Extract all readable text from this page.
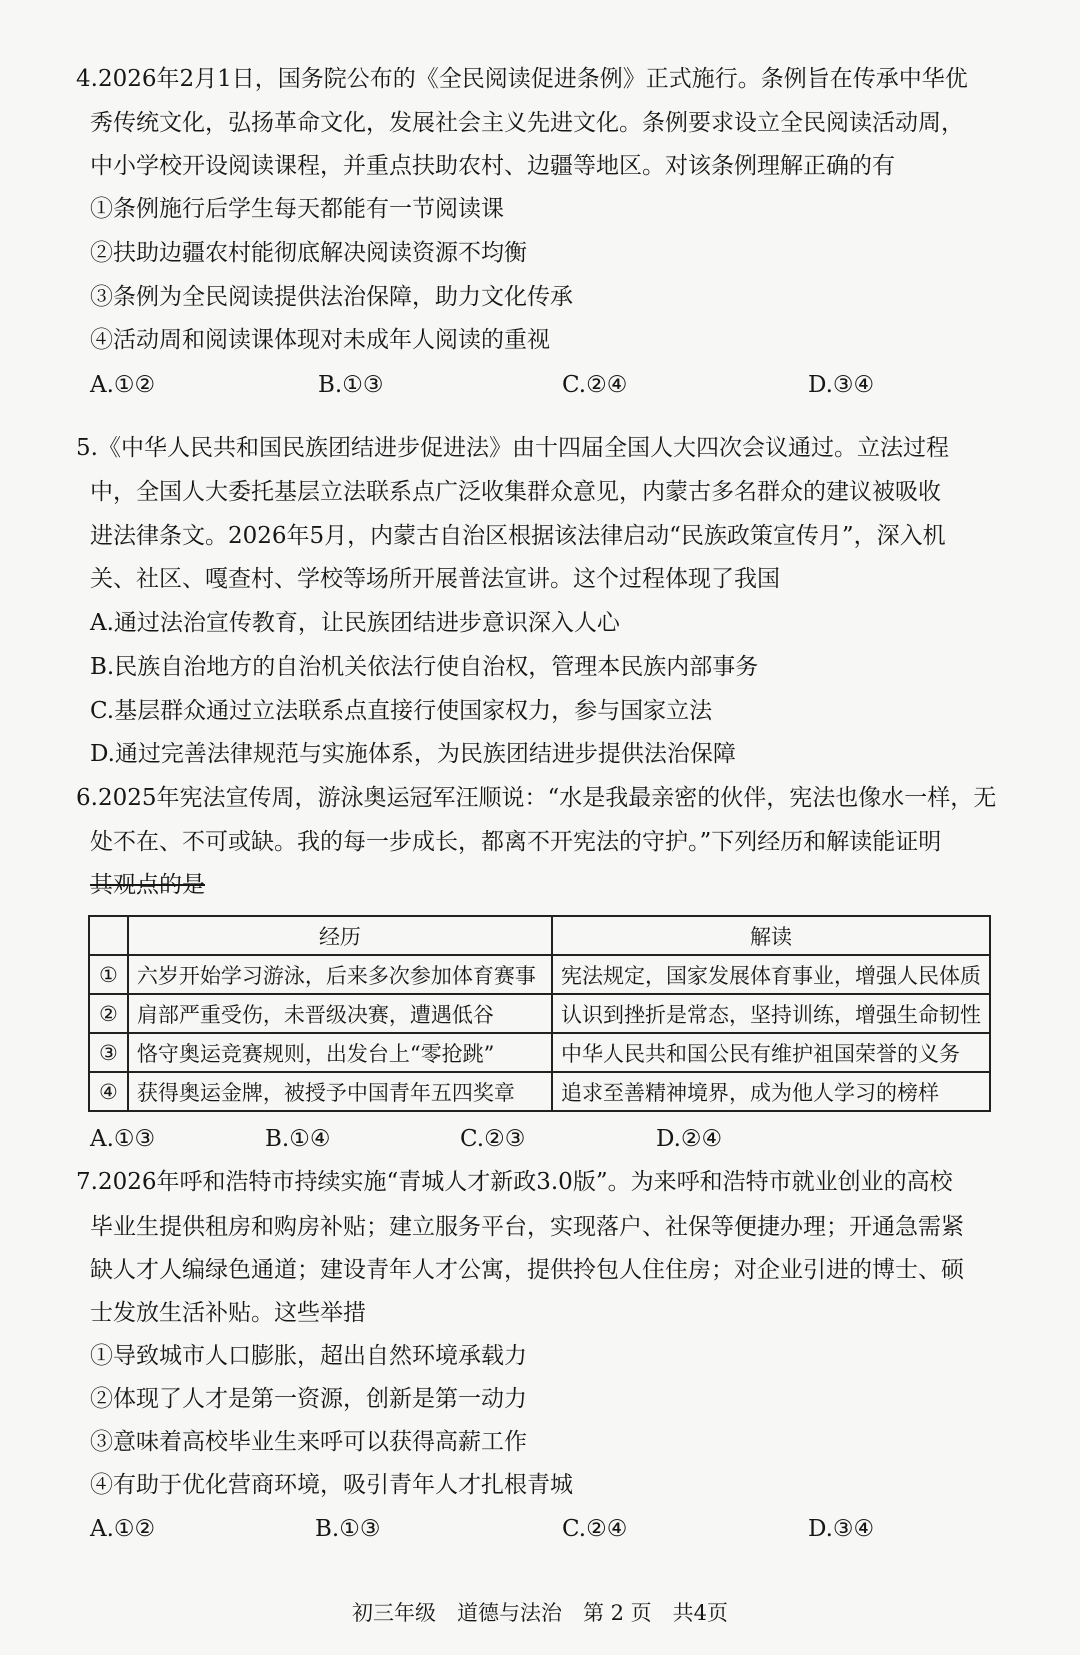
4.2026年2月1日，国务院公布的《全民阅读促进条例》正式施行。条例旨在传承中华优
秀传统文化，弘扬革命文化，发展社会主义先进文化。条例要求设立全民阅读活动周，
中小学校开设阅读课程，并重点扶助农村、边疆等地区。对该条例理解正确的有
①条例施行后学生每天都能有一节阅读课
②扶助边疆农村能彻底解决阅读资源不均衡
③条例为全民阅读提供法治保障，助力文化传承
④活动周和阅读课体现对未成年人阅读的重视
A.①②	B.①③	C.②④	D.③④
5.《中华人民共和国民族团结进步促进法》由十四届全国人大四次会议通过。立法过程
中，全国人大委托基层立法联系点广泛收集群众意见，内蒙古多名群众的建议被吸收
进法律条文。2026年5月，内蒙古自治区根据该法律启动“民族政策宣传月”，深入机
关、社区、嘎查村、学校等场所开展普法宣讲。这个过程体现了我国
A.通过法治宣传教育，让民族团结进步意识深入人心
B.民族自治地方的自治机关依法行使自治权，管理本民族内部事务
C.基层群众通过立法联系点直接行使国家权力，参与国家立法
D.通过完善法律规范与实施体系，为民族团结进步提供法治保障
6.2025年宪法宣传周，游泳奥运冠军汪顺说：“水是我最亲密的伙伴，宪法也像水一样，无
处不在、不可或缺。我的每一步成长，都离不开宪法的守护。”下列经历和解读能证明
其观点的是
	经历	解读
①	六岁开始学习游泳，后来多次参加体育赛事	宪法规定，国家发展体育事业，增强人民体质
②	肩部严重受伤，未晋级决赛，遭遇低谷	认识到挫折是常态，坚持训练，增强生命韧性
③	恪守奥运竞赛规则，出发台上“零抢跳”	中华人民共和国公民有维护祖国荣誉的义务
④	获得奥运金牌，被授予中国青年五四奖章	追求至善精神境界，成为他人学习的榜样
A.①③	B.①④	C.②③	D.②④
7.2026年呼和浩特市持续实施“青城人才新政3.0版”。为来呼和浩特市就业创业的高校
毕业生提供租房和购房补贴；建立服务平台，实现落户、社保等便捷办理；开通急需紧
缺人才人编绿色通道；建设青年人才公寓，提供拎包人住住房；对企业引进的博士、硕
士发放生活补贴。这些举措
①导致城市人口膨胀，超出自然环境承载力
②体现了人才是第一资源，创新是第一动力
③意味着高校毕业生来呼可以获得高薪工作
④有助于优化营商环境，吸引青年人才扎根青城
A.①②	B.①③	C.②④	D.③④
初三年级　道德与法治　第 2 页　共4页
